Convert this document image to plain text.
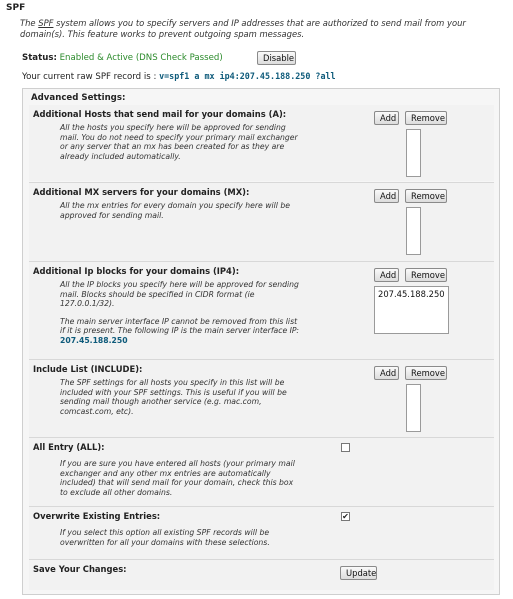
SPF
The SPF system allows you to specify servers and IP addresses that are authorized to send mail from your domain(s). This feature works to prevent outgoing spam messages.
Status: Enabled & Active (DNS Check Passed)	Disable
Your current raw SPF record is : v=spf1 a mx ip4:207.45.188.250 ?all
Advanced Settings:
Additional Hosts that send mail for your domains (A):
All the hosts you specify here will be approved for sending mail. You do not need to specify your primary mail exchanger or any server that an mx has been created for as they are already included automatically.
Add	Remove
Additional MX servers for your domains (MX):
All the mx entries for every domain you specify here will be approved for sending mail.
Add	Remove
Additional Ip blocks for your domains (IP4):
All the IP blocks you specify here will be approved for sending mail. Blocks should be specified in CIDR format (ie 127.0.0.1/32).
The main server interface IP cannot be removed from this list if it is present. The following IP is the main server interface IP: 207.45.188.250
Add	Remove
207.45.188.250
Include List (INCLUDE):
The SPF settings for all hosts you specify in this list will be included with your SPF settings. This is useful if you will be sending mail though another service (e.g. mac.com, comcast.com, etc).
Add	Remove
All Entry (ALL):
If you are sure you have entered all hosts (your primary mail exchanger and any other mx entries are automatically included) that will send mail for your domain, check this box to exclude all other domains.
Overwrite Existing Entries:
If you select this option all existing SPF records will be overwritten for all your domains with these selections.
✔
Save Your Changes:	Update
